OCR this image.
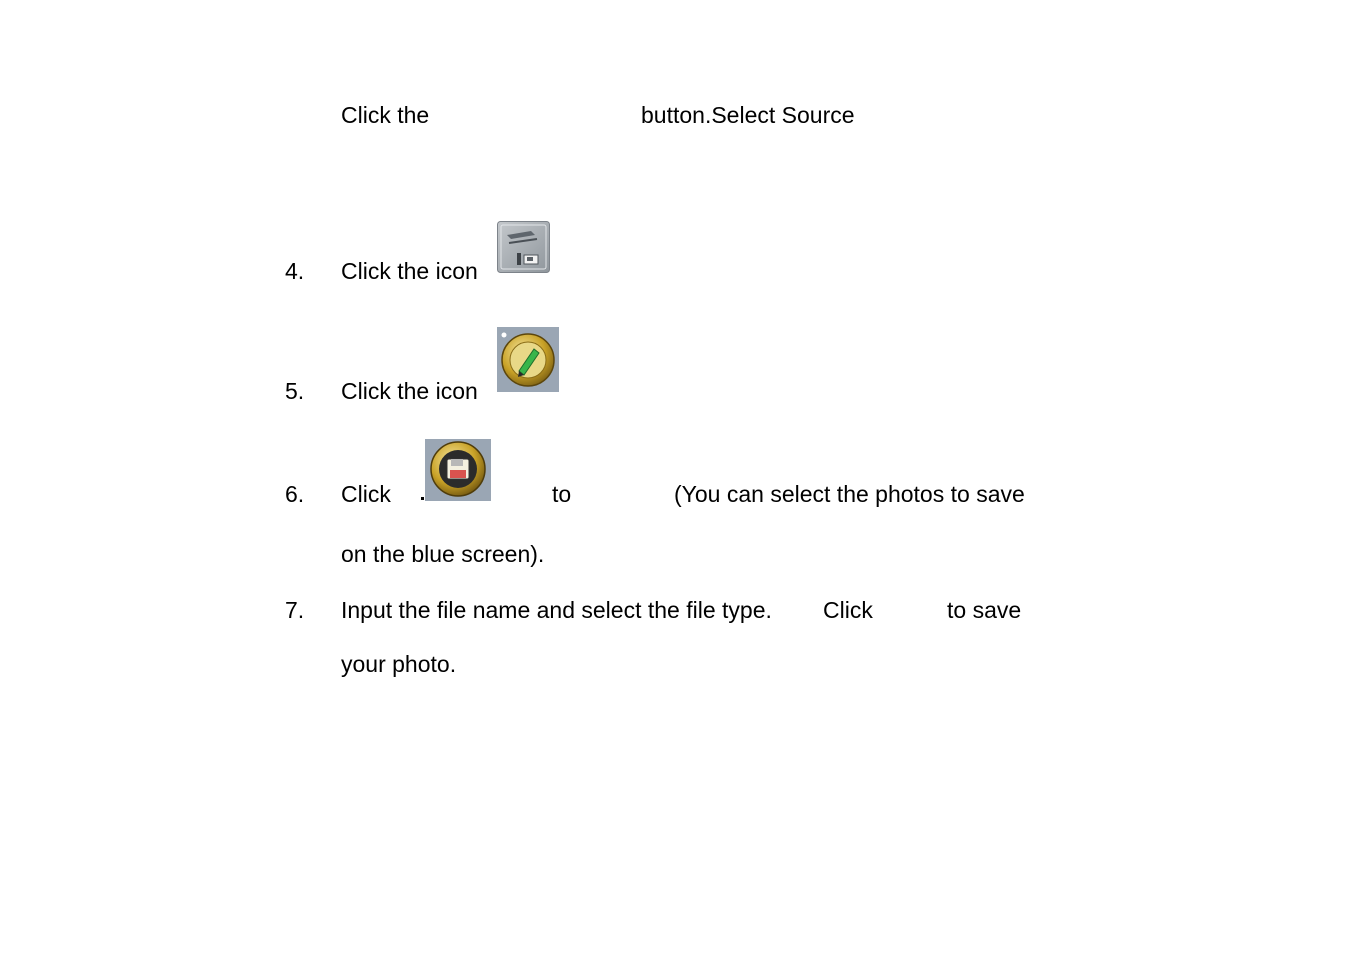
Click the	button.Select Source
4. Click the icon
5. Click the icon
6. Click	to	(You can select the photos to save
on the blue screen).
7. Input the file name and select the file type. Click	to save
your photo.
